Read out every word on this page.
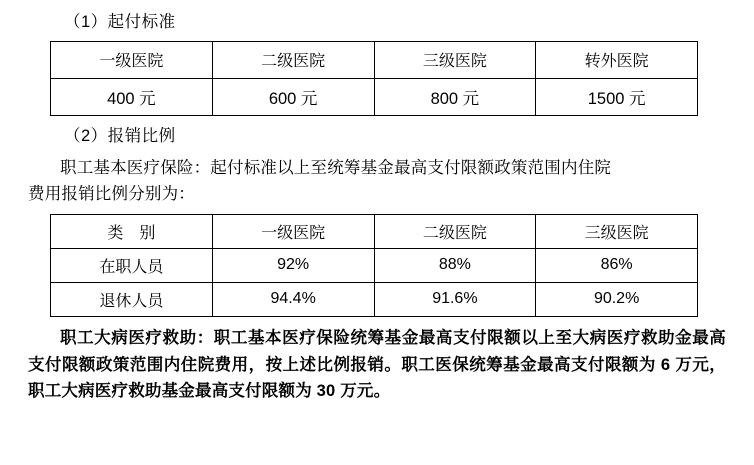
（1）起付标准
一级医院	二级医院	三级医院	转外医院
400 元	600 元	800 元	1500 元
（2）报销比例

职工基本医疗保险：起付标准以上至统筹基金最高支付限额政策范围内住院

费用报销比例分别为：

类　别	一级医院	二级医院	三级医院
在职人员	92%	88%	86%
退休人员	94.4%	91.6%	90.2%

职工大病医疗救助：职工基本医疗保险统筹基金最高支付限额以上至大病医疗救助金最高支付限额政策范围内住院费用，按上述比例报销。职工医保统筹基金最高支付限额为 6 万元，职工大病医疗救助基金最高支付限额为 30 万元。
